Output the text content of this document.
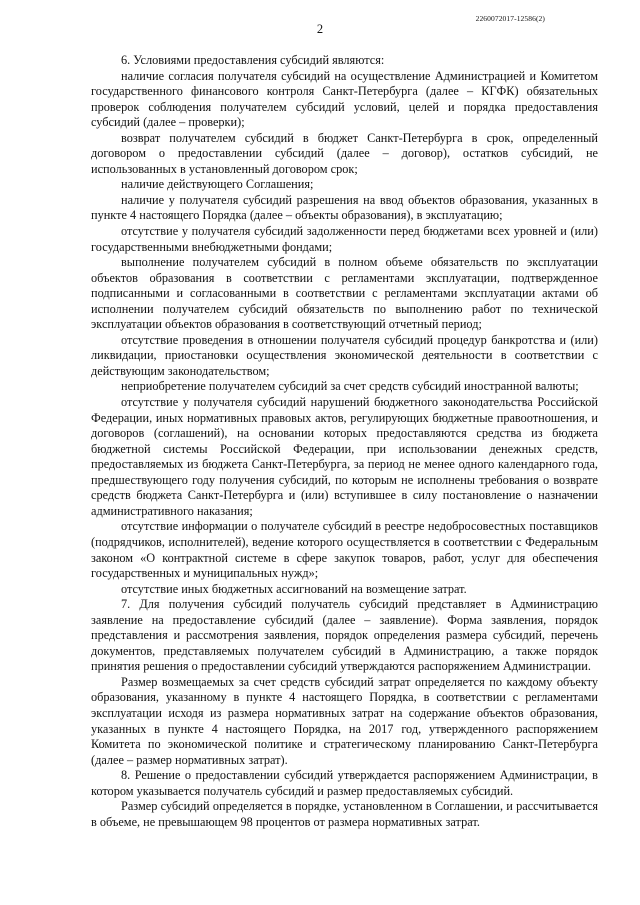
2
2260072017-12586(2)

6. Условиями предоставления субсидий являются:

наличие согласия получателя субсидий на осуществление Администрацией и Комитетом государственного финансового контроля Санкт-Петербурга (далее – КГФК) обязательных проверок соблюдения получателем субсидий условий, целей и порядка предоставления субсидий (далее – проверки);

возврат получателем субсидий в бюджет Санкт-Петербурга в срок, определенный договором о предоставлении субсидий (далее – договор), остатков субсидий, не использованных в установленный договором срок;

наличие действующего Соглашения;

наличие у получателя субсидий разрешения на ввод объектов образования, указанных в пункте 4 настоящего Порядка (далее – объекты образования), в эксплуатацию;

отсутствие у получателя субсидий задолженности перед бюджетами всех уровней и (или) государственными внебюджетными фондами;

выполнение получателем субсидий в полном объеме обязательств по эксплуатации объектов образования в соответствии с регламентами эксплуатации, подтвержденное подписанными и согласованными в соответствии с регламентами эксплуатации актами об исполнении получателем субсидий обязательств по выполнению работ по технической эксплуатации объектов образования в соответствующий отчетный период;

отсутствие проведения в отношении получателя субсидий процедур банкротства и (или) ликвидации, приостановки осуществления экономической деятельности в соответствии с действующим законодательством;

неприобретение получателем субсидий за счет средств субсидий иностранной валюты;

отсутствие у получателя субсидий нарушений бюджетного законодательства Российской Федерации, иных нормативных правовых актов, регулирующих бюджетные правоотношения, и договоров (соглашений), на основании которых предоставляются средства из бюджета бюджетной системы Российской Федерации, при использовании денежных средств, предоставляемых из бюджета Санкт-Петербурга, за период не менее одного календарного года, предшествующего году получения субсидий, по которым не исполнены требования о возврате средств бюджета Санкт-Петербурга и (или) вступившее в силу постановление о назначении административного наказания;

отсутствие информации о получателе субсидий в реестре недобросовестных поставщиков (подрядчиков, исполнителей), ведение которого осуществляется в соответствии с Федеральным законом «О контрактной системе в сфере закупок товаров, работ, услуг для обеспечения государственных и муниципальных нужд»;

отсутствие иных бюджетных ассигнований на возмещение затрат.

7. Для получения субсидий получатель субсидий представляет в Администрацию заявление на предоставление субсидий (далее – заявление). Форма заявления, порядок представления и рассмотрения заявления, порядок определения размера субсидий, перечень документов, представляемых получателем субсидий в Администрацию, а также порядок принятия решения о предоставлении субсидий утверждаются распоряжением Администрации.

Размер возмещаемых за счет средств субсидий затрат определяется по каждому объекту образования, указанному в пункте 4 настоящего Порядка, в соответствии с регламентами эксплуатации исходя из размера нормативных затрат на содержание объектов образования, указанных в пункте 4 настоящего Порядка, на 2017 год, утвержденного распоряжением Комитета по экономической политике и стратегическому планированию Санкт-Петербурга (далее – размер нормативных затрат).

8. Решение о предоставлении субсидий утверждается распоряжением Администрации, в котором указывается получатель субсидий и размер предоставляемых субсидий.

Размер субсидий определяется в порядке, установленном в Соглашении, и рассчитывается в объеме, не превышающем 98 процентов от размера нормативных затрат.
